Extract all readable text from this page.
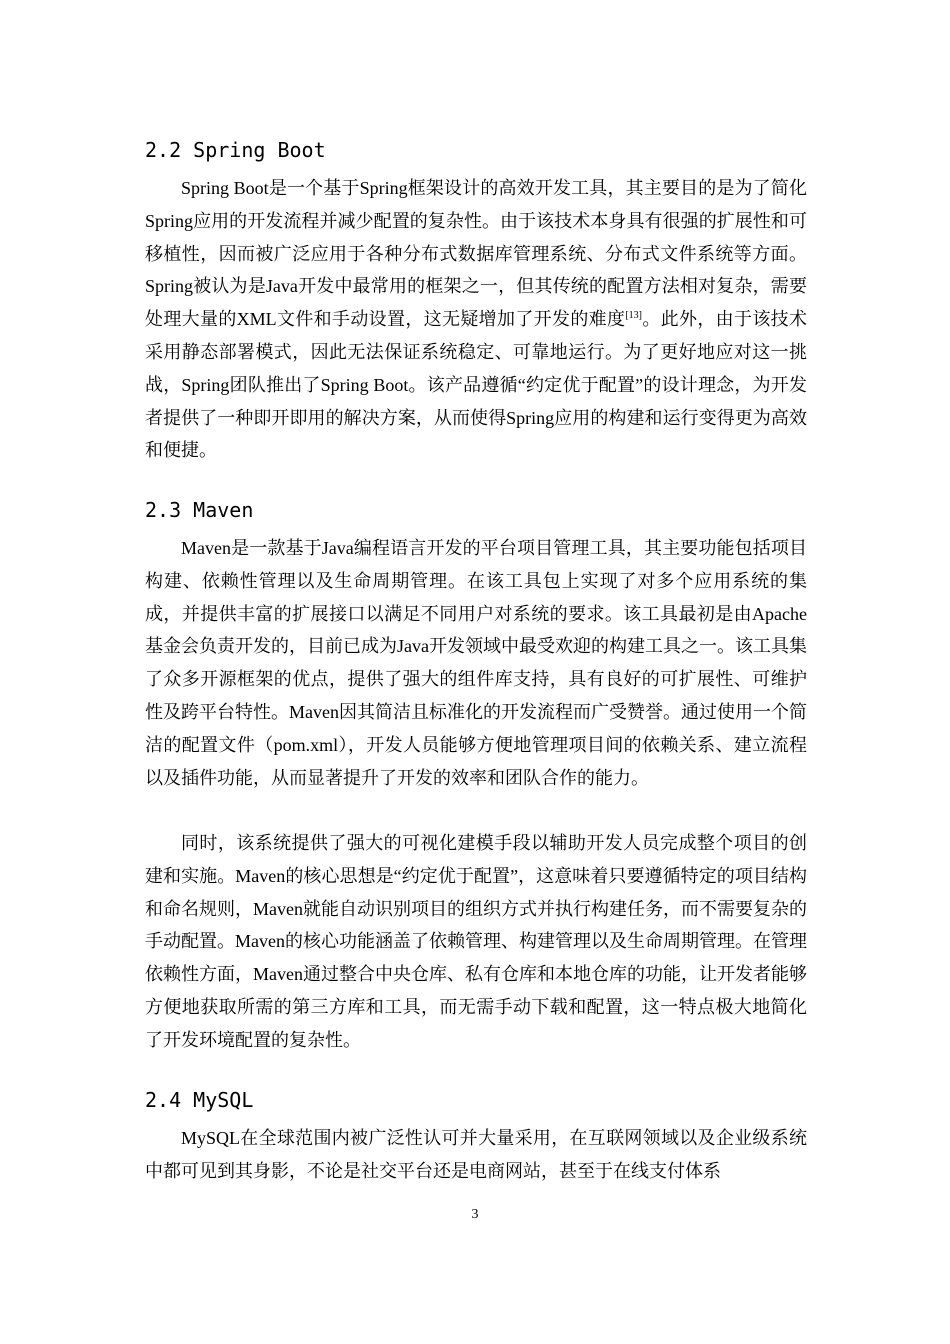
2.2 Spring Boot

Spring Boot是一个基于Spring框架设计的高效开发工具，其主要目的是为了简化Spring应用的开发流程并减少配置的复杂性。由于该技术本身具有很强的扩展性和可移植性，因而被广泛应用于各种分布式数据库管理系统、分布式文件系统等方面。Spring被认为是Java开发中最常用的框架之一，但其传统的配置方法相对复杂，需要处理大量的XML文件和手动设置，这无疑增加了开发的难度[13]。此外，由于该技术采用静态部署模式，因此无法保证系统稳定、可靠地运行。为了更好地应对这一挑战，Spring团队推出了Spring Boot。该产品遵循“约定优于配置”的设计理念，为开发者提供了一种即开即用的解决方案，从而使得Spring应用的构建和运行变得更为高效和便捷。

2.3 Maven

Maven是一款基于Java编程语言开发的平台项目管理工具，其主要功能包括项目构建、依赖性管理以及生命周期管理。在该工具包上实现了对多个应用系统的集成，并提供丰富的扩展接口以满足不同用户对系统的要求。该工具最初是由Apache基金会负责开发的，目前已成为Java开发领域中最受欢迎的构建工具之一。该工具集了众多开源框架的优点，提供了强大的组件库支持，具有良好的可扩展性、可维护性及跨平台特性。Maven因其简洁且标准化的开发流程而广受赞誉。通过使用一个简洁的配置文件（pom.xml），开发人员能够方便地管理项目间的依赖关系、建立流程以及插件功能，从而显著提升了开发的效率和团队合作的能力。

同时，该系统提供了强大的可视化建模手段以辅助开发人员完成整个项目的创建和实施。Maven的核心思想是“约定优于配置”，这意味着只要遵循特定的项目结构和命名规则，Maven就能自动识别项目的组织方式并执行构建任务，而不需要复杂的手动配置。Maven的核心功能涵盖了依赖管理、构建管理以及生命周期管理。在管理依赖性方面，Maven通过整合中央仓库、私有仓库和本地仓库的功能，让开发者能够方便地获取所需的第三方库和工具，而无需手动下载和配置，这一特点极大地简化了开发环境配置的复杂性。

2.4 MySQL

MySQL在全球范围内被广泛性认可并大量采用，在互联网领域以及企业级系统中都可见到其身影，不论是社交平台还是电商网站，甚至于在线支付体系

3
